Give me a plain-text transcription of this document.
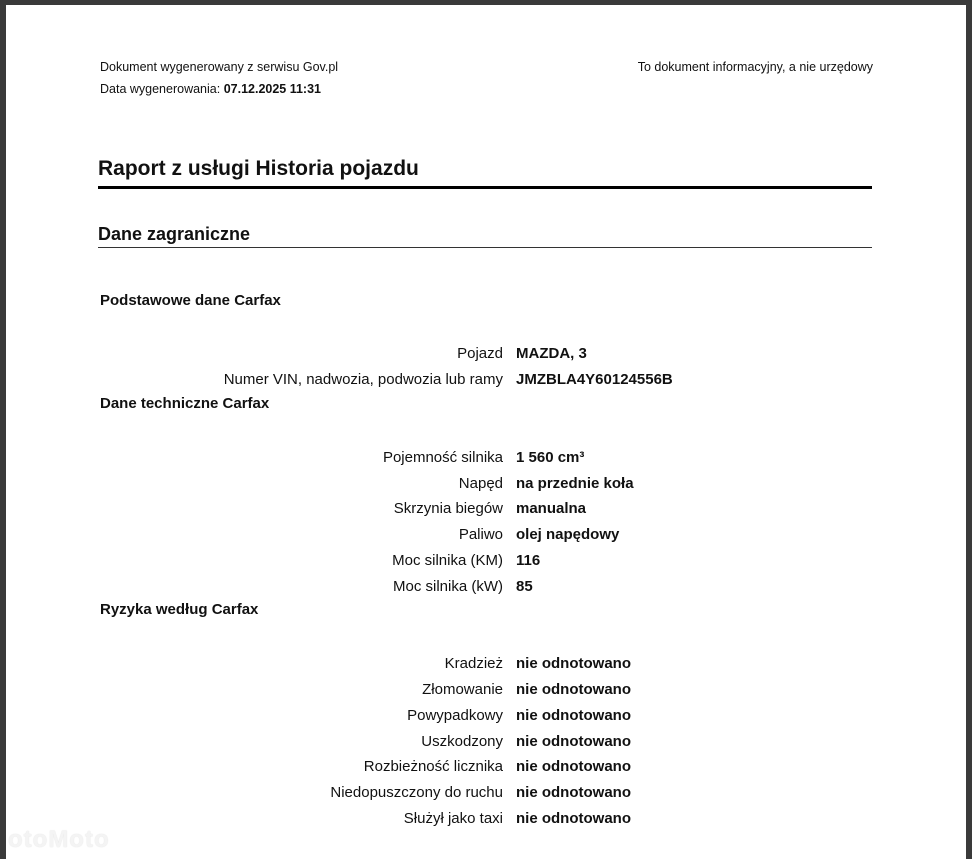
Dokument wygenerowany z serwisu Gov.pl
Data wygenerowania: 07.12.2025 11:31
To dokument informacyjny, a nie urzędowy
Raport z usługi Historia pojazdu
Dane zagraniczne
Podstawowe dane Carfax
Pojazd MAZDA, 3
Numer VIN, nadwozia, podwozia lub ramy JMZBLA4Y60124556B
Dane techniczne Carfax
Pojemność silnika 1 560 cm³
Napęd na przednie koła
Skrzynia biegów manualna
Paliwo olej napędowy
Moc silnika (KM) 116
Moc silnika (kW) 85
Ryzyka według Carfax
Kradzież nie odnotowano
Złomowanie nie odnotowano
Powypadkowy nie odnotowano
Uszkodzony nie odnotowano
Rozbieżność licznika nie odnotowano
Niedopuszczony do ruchu nie odnotowano
Służył jako taxi nie odnotowano
otoMoto
